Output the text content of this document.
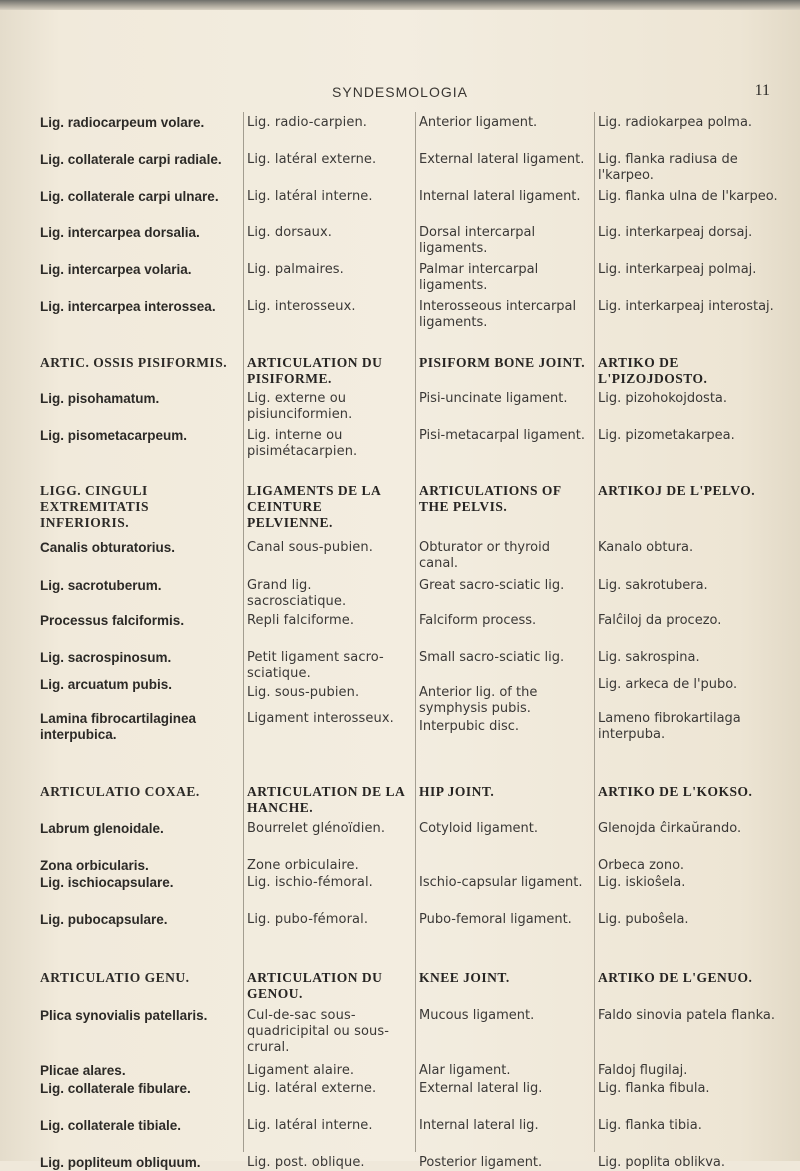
SYNDESMOLOGIA	11
Lig. radiocarpeum volare.
Lig. collaterale carpi radiale.
Lig. collaterale carpi ulnare.
Lig. intercarpea dorsalia.
Lig. intercarpea volaria.
Lig. intercarpea interossea.
ARTIC. OSSIS PISIFORMIS.
Lig. pisohamatum.
Lig. pisometacarpeum.
LIGG. CINGULI EXTREMITATIS INFERIORIS.
Canalis obturatorius.
Lig. sacrotuberum.
Processus falciformis.
Lig. sacrospinosum.
Lig. arcuatum pubis.
Lamina fibrocartilaginea interpubica.
ARTICULATIO COXAE.
Labrum glenoidale.
Zona orbicularis.
Lig. ischiocapsulare.
Lig. pubocapsulare.
ARTICULATIO GENU.
Plica synovialis patellaris.
Plicae alares.
Lig. collaterale fibulare.
Lig. collaterale tibiale.
Lig. popliteum obliquum.
Lig. radio-carpien.
Lig. latéral externe.
Lig. latéral interne.
Lig. dorsaux.
Lig. palmaires.
Lig. interosseux.
ARTICULATION DU PISIFORME.
Lig. externe ou pisiunciformien.
Lig. interne ou pisimétacarpien.
LIGAMENTS DE LA CEINTURE PELVIENNE.
Canal sous-pubien.
Grand lig. sacrosciatique.
Repli falciforme.
Petit ligament sacro-sciatique.
Lig. sous-pubien.
Ligament interosseux.
ARTICULATION DE LA HANCHE.
Bourrelet glénoïdien.
Zone orbiculaire.
Lig. ischio-fémoral.
Lig. pubo-fémoral.
ARTICULATION DU GENOU.
Cul-de-sac sous-quadricipital ou sous-crural.
Ligament alaire.
Lig. latéral externe.
Lig. latéral interne.
Lig. post. oblique.
Anterior ligament.
External lateral ligament.
Internal lateral ligament.
Dorsal intercarpal ligaments.
Palmar intercarpal ligaments.
Interosseous intercarpal ligaments.
PISIFORM BONE JOINT.
Pisi-uncinate ligament.
Pisi-metacarpal ligament.
ARTICULATIONS OF THE PELVIS.
Obturator or thyroid canal.
Great sacro-sciatic lig.
Falciform process.
Small sacro-sciatic lig.
Anterior lig. of the symphysis pubis.
Interpubic disc.
HIP JOINT.
Cotyloid ligament.
Ischio-capsular ligament.
Pubo-femoral ligament.
KNEE JOINT.
Mucous ligament.
Alar ligament.
External lateral lig.
Internal lateral lig.
Posterior ligament.
Lig. radiokarpea polma.
Lig. flanka radiusa de l'karpeo.
Lig. flanka ulna de l'karpeo.
Lig. interkarpeaj dorsaj.
Lig. interkarpeaj polmaj.
Lig. interkarpeaj interostaj.
ARTIKO DE L'PIZOJDOSTO.
Lig. pizohokojdosta.
Lig. pizometakarpea.
ARTIKOJ DE L'PELVO.
Kanalo obtura.
Lig. sakrotubera.
Falĉiloj da procezo.
Lig. sakrospina.
Lig. arkeca de l'pubo.
Lameno fibrokartilaga interpuba.
ARTIKO DE L'KOKSO.
Glenojda ĉirkaŭrando.
Orbeca zono.
Lig. iskioŝela.
Lig. puboŝela.
ARTIKO DE L'GENUO.
Faldo sinovia patela flanka.
Faldoj flugilaj.
Lig. flanka fibula.
Lig. flanka tibia.
Lig. poplita oblikva.
